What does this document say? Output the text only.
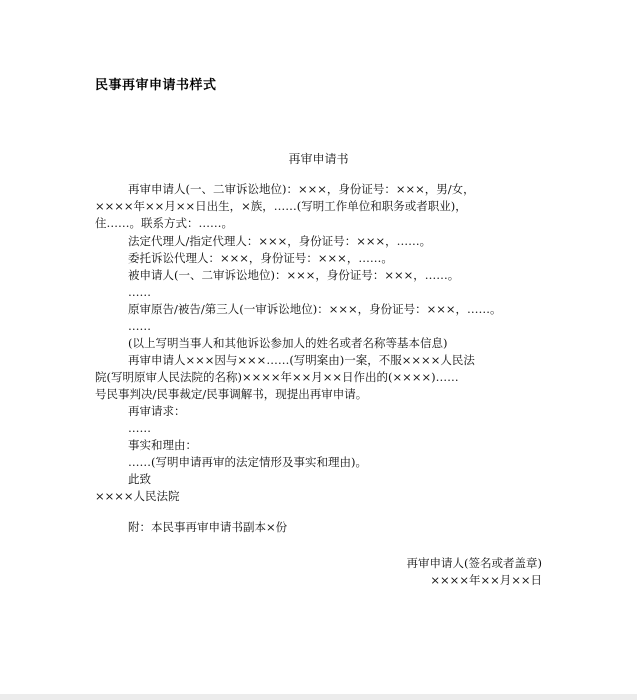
民事再审申请书样式
再审申请书
再审申请人(一、二审诉讼地位)：×××，身份证号：×××，男/女，
××××年××月××日出生，×族，……(写明工作单位和职务或者职业)，
住……。联系方式：……。
法定代理人/指定代理人：×××，身份证号：×××，……。
委托诉讼代理人：×××，身份证号：×××，……。
被申请人(一、二审诉讼地位)：×××，身份证号：×××，……。
……
原审原告/被告/第三人(一审诉讼地位)：×××，身份证号：×××，……。
……
(以上写明当事人和其他诉讼参加人的姓名或者名称等基本信息)
再审申请人×××因与×××……(写明案由)一案，不服××××人民法
院(写明原审人民法院的名称)××××年××月××日作出的(××××)……
号民事判决/民事裁定/民事调解书，现提出再审申请。
再审请求：
……
事实和理由：
……(写明申请再审的法定情形及事实和理由)。
此致
××××人民法院
附：本民事再审申请书副本×份
再审申请人(签名或者盖章)
××××年××月××日
